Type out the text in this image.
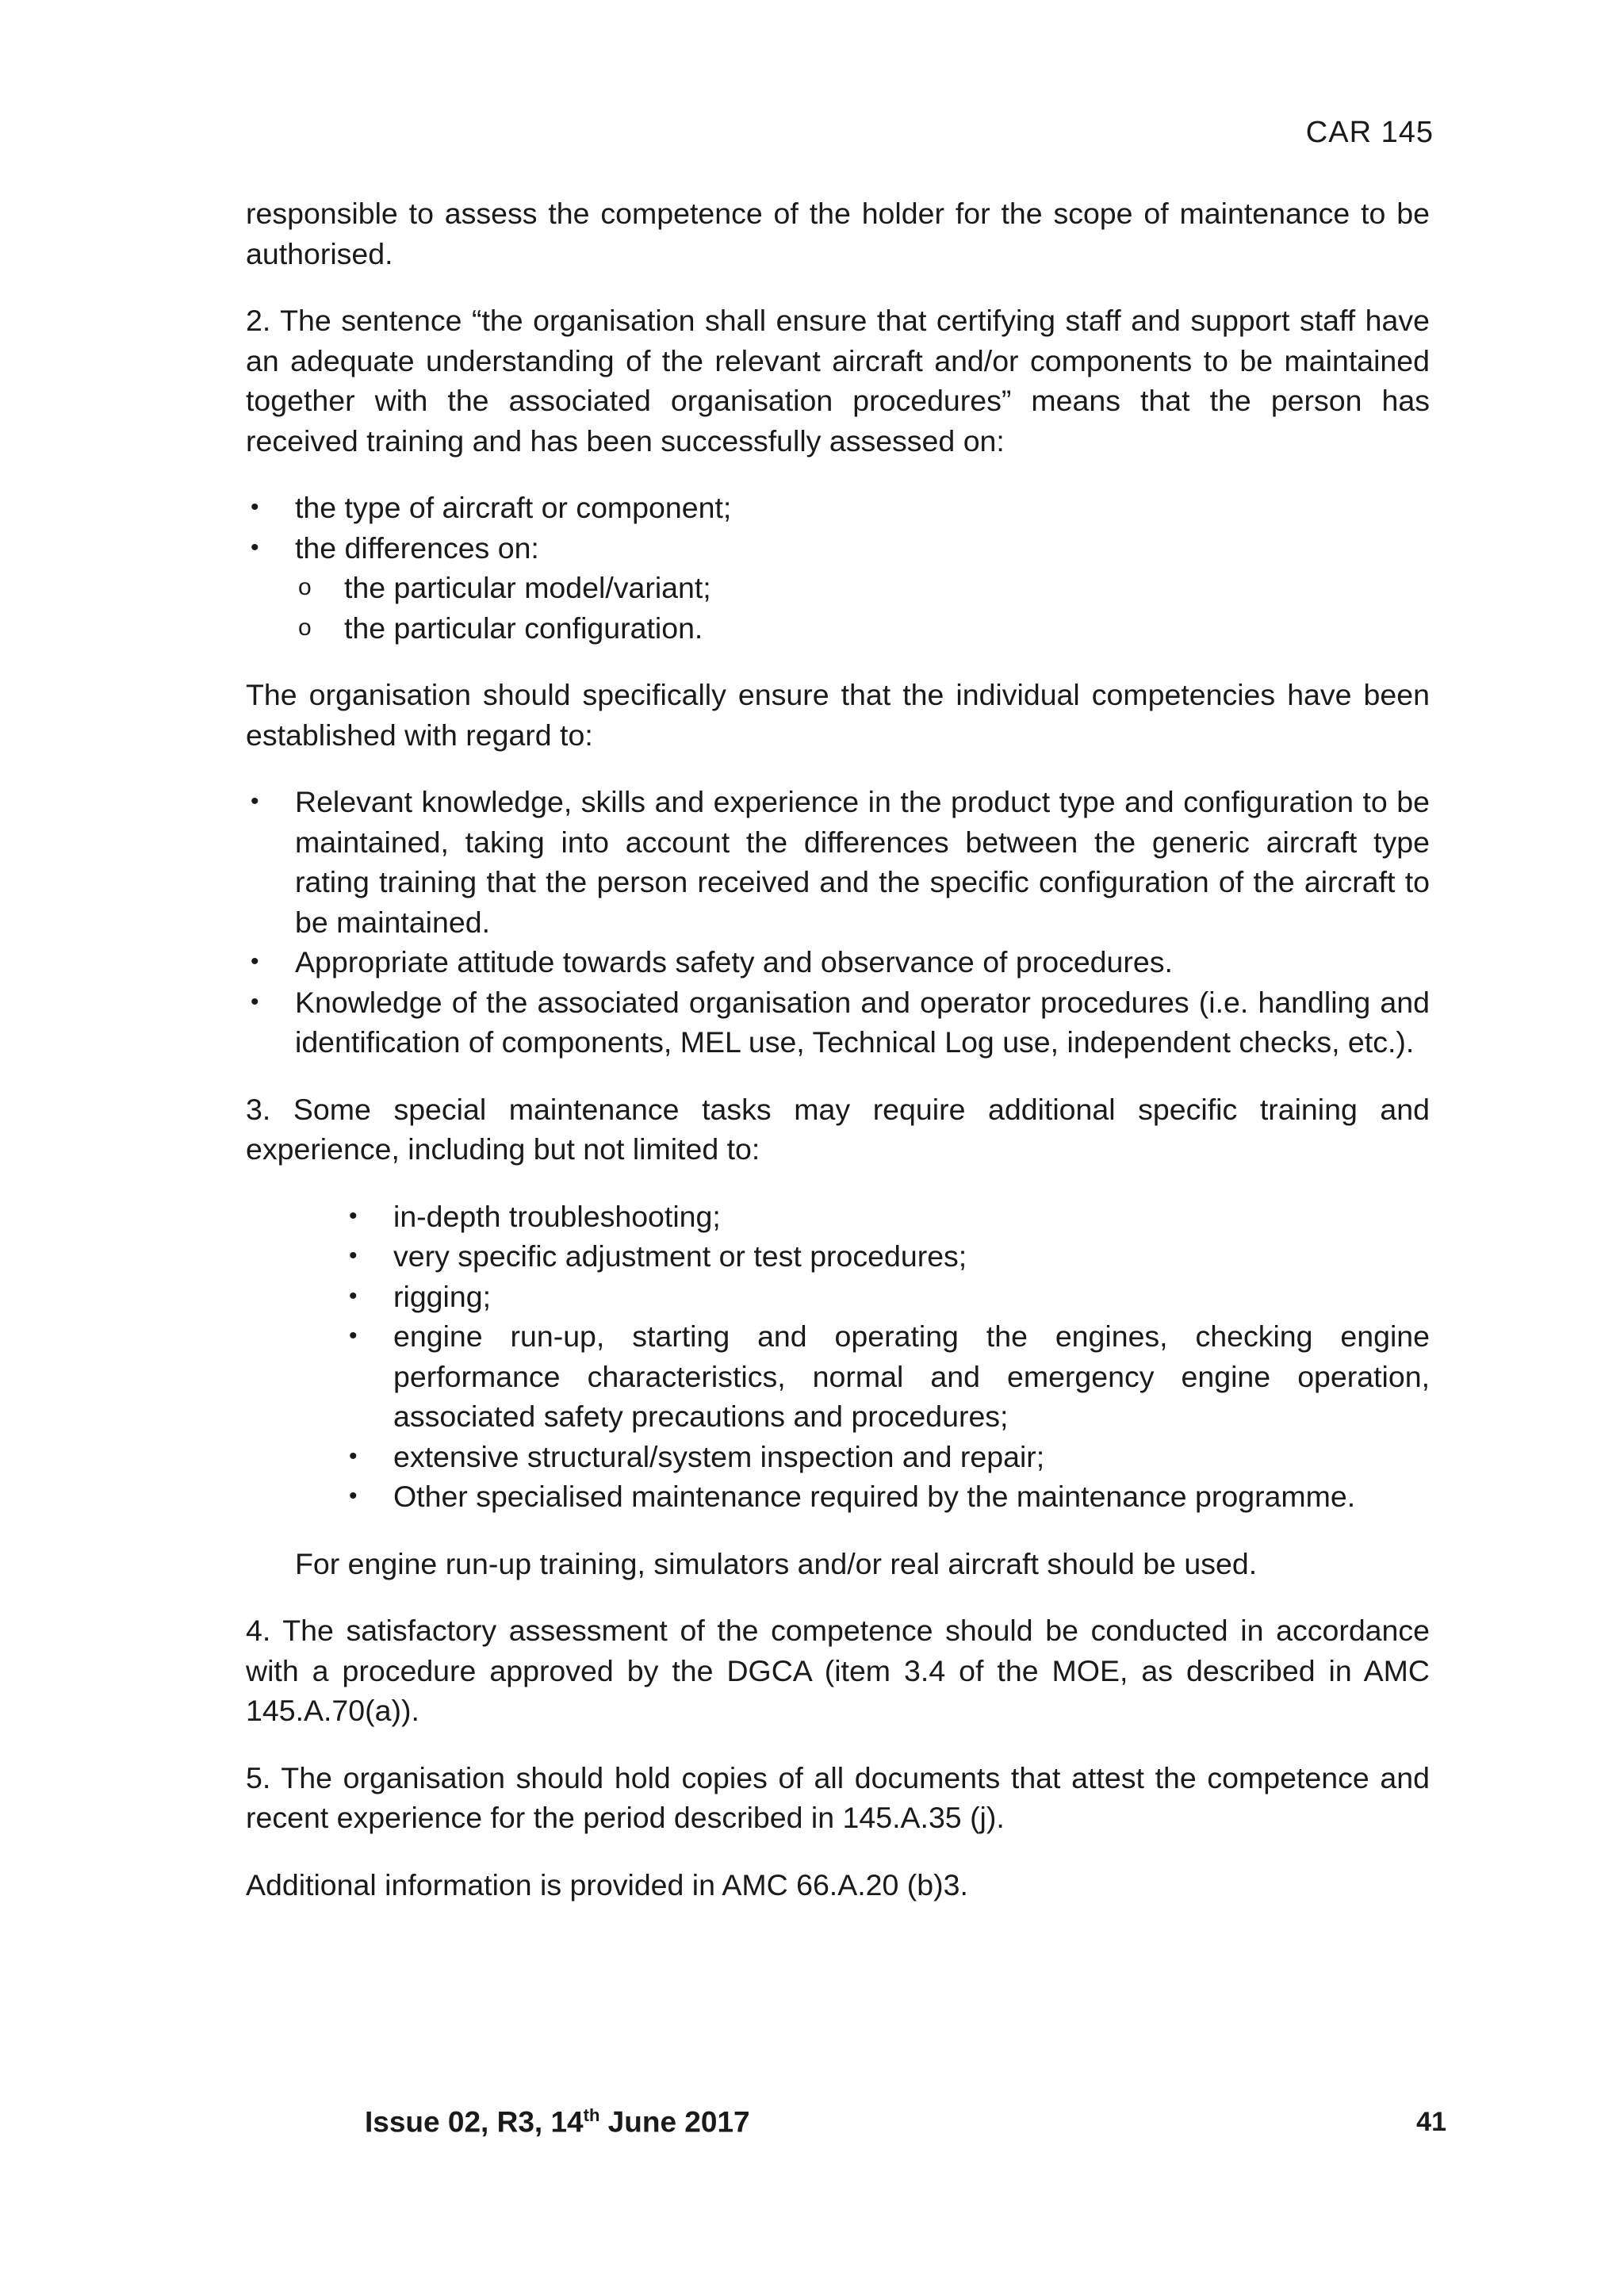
CAR 145

responsible to assess the competence of the holder for the scope of maintenance to be authorised.

2. The sentence “the organisation shall ensure that certifying staff and support staff have an adequate understanding of the relevant aircraft and/or components to be maintained together with the associated organisation procedures” means that the person has received training and has been successfully assessed on:

• the type of aircraft or component;
• the differences on:
o the particular model/variant;
o the particular configuration.

The organisation should specifically ensure that the individual competencies have been established with regard to:

• Relevant knowledge, skills and experience in the product type and configuration to be maintained, taking into account the differences between the generic aircraft type rating training that the person received and the specific configuration of the aircraft to be maintained.
• Appropriate attitude towards safety and observance of procedures.
• Knowledge of the associated organisation and operator procedures (i.e. handling and identification of components, MEL use, Technical Log use, independent checks, etc.).

3. Some special maintenance tasks may require additional specific training and experience, including but not limited to:

• in-depth troubleshooting;
• very specific adjustment or test procedures;
• rigging;
• engine run-up, starting and operating the engines, checking engine performance characteristics, normal and emergency engine operation, associated safety precautions and procedures;
• extensive structural/system inspection and repair;
• Other specialised maintenance required by the maintenance programme.

For engine run-up training, simulators and/or real aircraft should be used.

4. The satisfactory assessment of the competence should be conducted in accordance with a procedure approved by the DGCA (item 3.4 of the MOE, as described in AMC 145.A.70(a)).

5. The organisation should hold copies of all documents that attest the competence and recent experience for the period described in 145.A.35 (j).

Additional information is provided in AMC 66.A.20 (b)3.

Issue 02, R3, 14th June 2017	41
